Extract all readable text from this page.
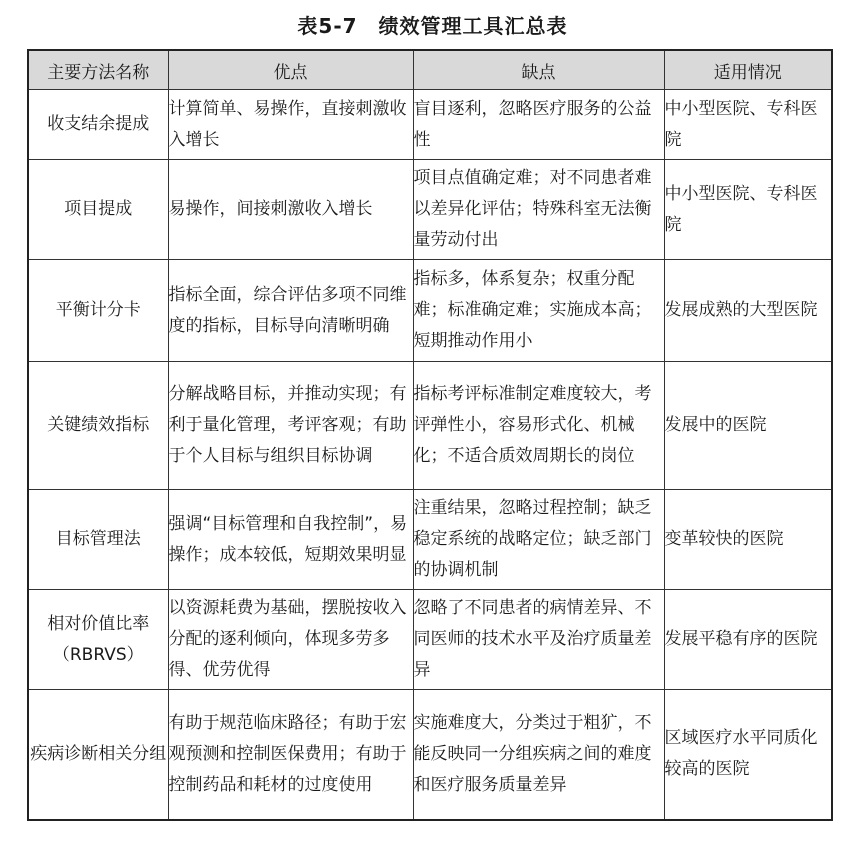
表5-7　绩效管理工具汇总表
主要方法名称	优点	缺点	适用情况
收支结余提成	计算简单、易操作，直接刺激收入增长	盲目逐利，忽略医疗服务的公益性	中小型医院、专科医院
项目提成	易操作，间接刺激收入增长	项目点值确定难；对不同患者难以差异化评估；特殊科室无法衡量劳动付出	中小型医院、专科医院
平衡计分卡	指标全面，综合评估多项不同维度的指标，目标导向清晰明确	指标多，体系复杂；权重分配难；标准确定难；实施成本高；短期推动作用小	发展成熟的大型医院
关键绩效指标	分解战略目标，并推动实现；有利于量化管理，考评客观；有助于个人目标与组织目标协调	指标考评标准制定难度较大，考评弹性小，容易形式化、机械化；不适合质效周期长的岗位	发展中的医院
目标管理法	强调“目标管理和自我控制”，易操作；成本较低，短期效果明显	注重结果，忽略过程控制；缺乏稳定系统的战略定位；缺乏部门的协调机制	变革较快的医院
相对价值比率（RBRVS）	以资源耗费为基础，摆脱按收入分配的逐利倾向，体现多劳多得、优劳优得	忽略了不同患者的病情差异、不同医师的技术水平及治疗质量差异	发展平稳有序的医院
疾病诊断相关分组	有助于规范临床路径；有助于宏观预测和控制医保费用；有助于控制药品和耗材的过度使用	实施难度大，分类过于粗犷，不能反映同一分组疾病之间的难度和医疗服务质量差异	区域医疗水平同质化较高的医院
